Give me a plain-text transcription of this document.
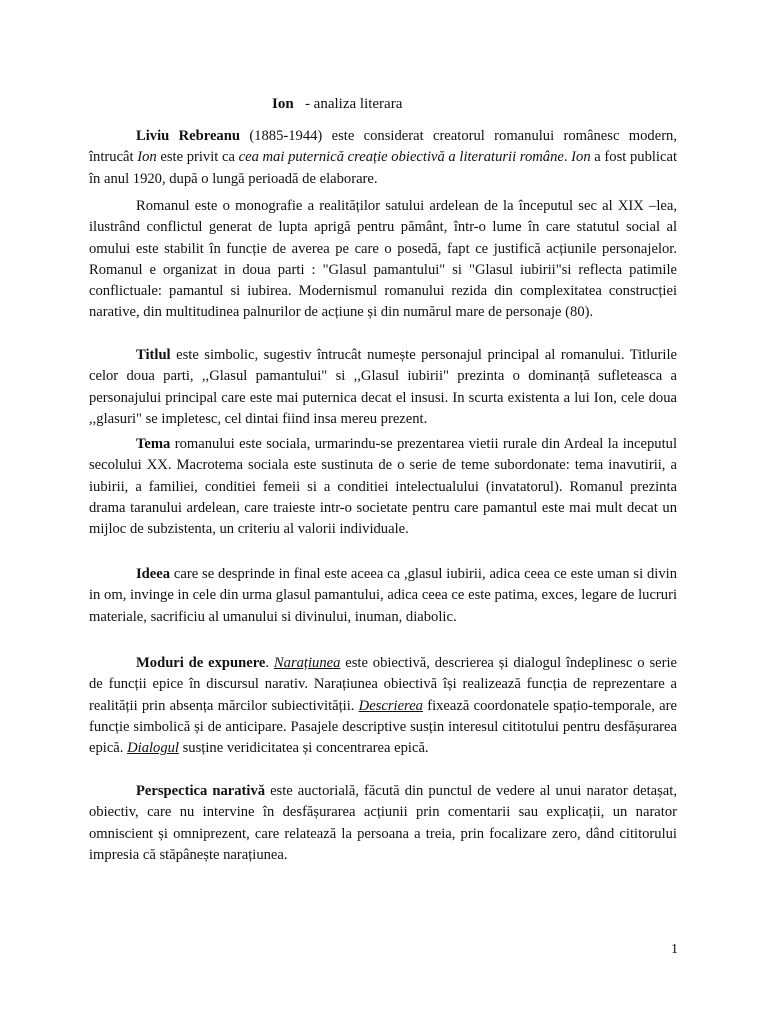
Ion - analiza literara

Liviu Rebreanu (1885-1944) este considerat creatorul romanului românesc modern, întrucât Ion este privit ca cea mai puternică creație obiectivă a literaturii române. Ion a fost publicat în anul 1920, după o lungă perioadă de elaborare.

Romanul este o monografie a realităților satului ardelean de la începutul sec al XIX –lea, ilustrând conflictul generat de lupta aprigă pentru pământ, într-o lume în care statutul social al omului este stabilit în funcție de averea pe care o posedă, fapt ce justifică acțiunile personajelor. Romanul e organizat in doua parti : "Glasul pamantului" si "Glasul iubirii"si reflecta patimile conflictuale: pamantul si iubirea. Modernismul romanului rezida din complexitatea construcției narative, din multitudinea palnurilor de acțiune și din numărul mare de personaje (80).

Titlul este simbolic, sugestiv întrucât numește personajul principal al romanului. Titlurile celor doua parti, ,,Glasul pamantului" si ,,Glasul iubirii" prezinta o dominanță sufleteasca a personajului principal care este mai puternica decat el insusi. In scurta existenta a lui Ion, cele doua ,,glasuri" se impletesc, cel dintai fiind insa mereu prezent.

Tema romanului este sociala, urmarindu-se prezentarea vietii rurale din Ardeal la inceputul secolului XX. Macrotema sociala este sustinuta de o serie de teme subordonate: tema inavutirii, a iubirii, a familiei, conditiei femeii si a conditiei intelectualului (invatatorul). Romanul prezinta drama taranului ardelean, care traieste intr-o societate pentru care pamantul este mai mult decat un mijloc de subzistenta, un criteriu al valorii individuale.

Ideea care se desprinde in final este aceea ca ,glasul iubirii, adica ceea ce este uman si divin in om, invinge in cele din urma glasul pamantului, adica ceea ce este patima, exces, legare de lucruri materiale, sacrificiu al umanului si divinului, inuman, diabolic.

Moduri de expunere. Narațiunea este obiectivă, descrierea și dialogul îndeplinesc o serie de funcții epice în discursul narativ. Narațiunea obiectivă își realizează funcția de reprezentare a realității prin absența mărcilor subiectivității. Descrierea fixează coordonatele spațio-temporale, are funcție simbolică și de anticipare. Pasajele descriptive susțin interesul cititotului pentru desfășurarea epică. Dialogul susține veridicitatea și concentrarea epică.

Perspectica narativă este auctorială, făcută din punctul de vedere al unui narator detașat, obiectiv, care nu intervine în desfășurarea acțiunii prin comentarii sau explicații, un narator omniscient și omniprezent, care relatează la persoana a treia, prin focalizare zero, dând cititorului impresia că stăpânește narațiunea.

1
